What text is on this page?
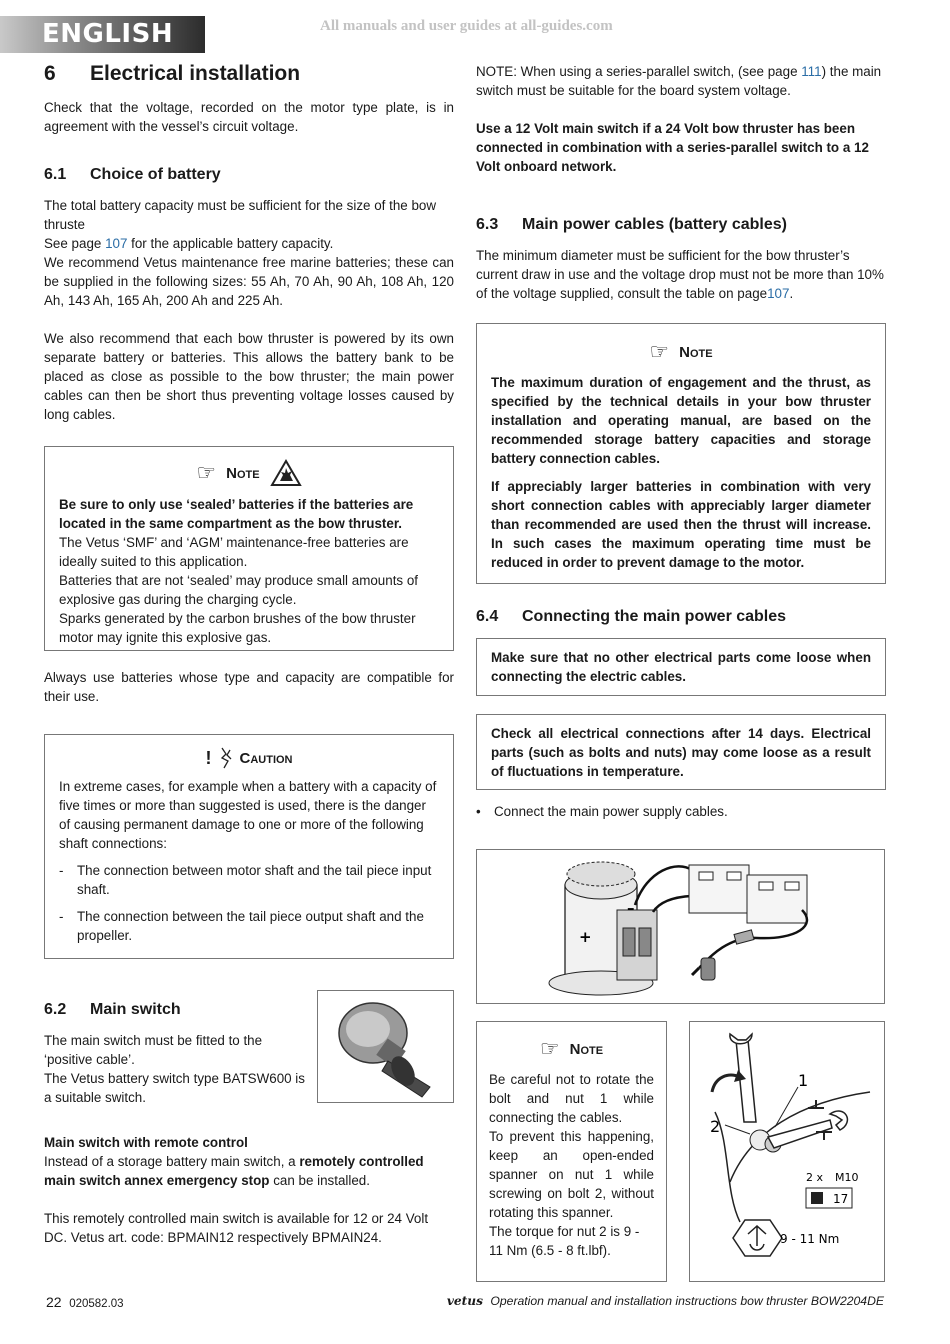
ENGLISH	All manuals and user guides at all-guides.com
6	Electrical installation

Check that the voltage, recorded on the motor type plate, is in agreement with the vessel’s circuit voltage.

6.1	Choice of battery

The total battery capacity must be sufficient for the size of the bow thruste

See page 107 for the applicable battery capacity.

We recommend Vetus maintenance free marine batteries; these can be supplied in the following sizes: 55 Ah, 70 Ah, 90 Ah, 108 Ah, 120 Ah, 143 Ah, 165 Ah, 200 Ah and 225 Ah.

We also recommend that each bow thruster is powered by its own separate battery or batteries. This allows the battery bank to be placed as close as possible to the bow thruster; the main power cables can then be short thus preventing voltage losses caused by long cables.

☞ Note

Be sure to only use ‘sealed’ batteries if the batteries are located in the same compartment as the bow thruster.

The Vetus ‘SMF’ and ‘AGM’ maintenance-free batteries are ideally suited to this application.

Batteries that are not ‘sealed’ may produce small amounts of explosive gas during the charging cycle.

Sparks generated by the carbon brushes of the bow thruster motor may ignite this explosive gas.

Always use batteries whose type and capacity are compatible for their use.

! Caution

In extreme cases, for example when a battery with a capacity of five times or more than suggested is used, there is the danger of causing permanent damage to one or more of the following shaft connections:

-	The connection between motor shaft and the tail piece input shaft.
-	The connection between the tail piece output shaft and the propeller.
6.2	Main switch

The main switch must be fitted to the ‘positive cable’.

The Vetus battery switch type BATSW600 is a suitable switch.

Main switch with remote control

Instead of a storage battery main switch, a remotely controlled main switch annex emergency stop can be installed.

This remotely controlled main switch is available for 12 or 24 Volt DC. Vetus art. code: BPMAIN12 respectively BPMAIN24.

NOTE: When using a series-parallel switch, (see page 111) the main switch must be suitable for the board system voltage.

Use a 12 Volt main switch if a 24 Volt bow thruster has been connected in combination with a series-parallel switch to a 12 Volt onboard network.

6.3	Main power cables (battery cables)

The minimum diameter must be sufficient for the bow thruster’s current draw in use and the voltage drop must not be more than 10% of the voltage supplied, consult the table on page107.

☞ Note

The maximum duration of engagement and the thrust, as specified by the technical details in your bow thruster installation and operating manual, are based on the recommended storage battery capacities and storage battery connection cables.

If appreciably larger batteries in combination with very short connection cables with appreciably larger diameter than recommended are used then the thrust will increase. In such cases the maximum operating time must be reduced in order to prevent damage to the motor.

6.4	Connecting the main power cables

Make sure that no other electrical parts come loose when connecting the electric cables.

Check all electrical connections after 14 days. Electrical parts (such as bolts and nuts) may come loose as a result of fluctuations in temperature.

• Connect the main power supply cables.
–
+
☞ Note

Be careful not to rotate the bolt and nut 1 while connecting the cables.

To prevent this happening, keep an open-ended spanner on nut 1 while screwing on bolt 2, without rotating this spanner.

The torque for nut 2 is 9 - 11 Nm (6.5 - 8 ft.lbf).

1
2
2 x M10
17
9 - 11 Nm
22 020582.03	vetus Operation manual and installation instructions bow thruster BOW2204DE
